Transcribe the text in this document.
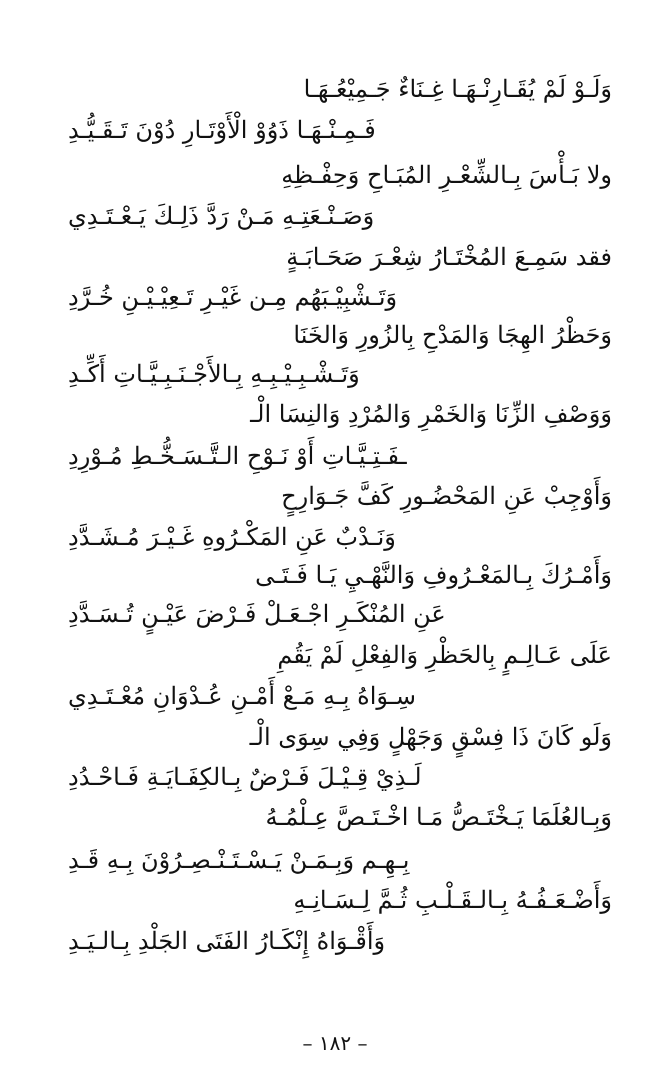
وَلَـوْ لَمْ يُقَـارِنْـهَـا غِـنَاءٌ جَـمِيْعُـهَـا
فَـمِـنْـهَـا ذَوُوْ الْأَوْتَـارِ دُوْنَ تَـقَـيُّـدِ
ولا بَـأْسَ بِـالشِّعْـرِ المُبَـاحِ وَحِفْـظِهِ
وَصَـنْـعَتِـهِ مَـنْ رَدَّ ذَلِـكَ يَـعْـتَـدِي
فقد سَمِـعَ المُخْتَـارُ شِعْـرَ صَحَـابَـةٍ
وَتَـشْبِيْـبَهُم مِـن غَيْـرِ تَـعِيْـيْـنِ خُـرَّدِ
وَحَظْرُ الهِجَا وَالمَدْحِ بِالزُورِ وَالخَنَا
وَتَـشْـبِـيْـبِـهِ بِـالأَجْـنَـبِـيَّـاتِ أَكِّـدِ
وَوَصْفِ الزِّنَا وَالخَمْرِ وَالمُرْدِ وَالنِسَا الْـ
ـفَـتِـيَّـاتِ أَوْ نَـوْحِ الـتَّـسَـخُّـطِ مُـوْرِدِ
وَأَوْجِبْ عَنِ المَحْضُـورِ كَفَّ جَـوَارِحٍ
وَنَـدْبٌ عَنِ المَكْـرُوهِ غَـيْـرَ مُـشَـدَّدِ
وَأَمْـرُكَ بِـالمَعْـرُوفِ وَالنَّهْـيِ يَـا فَـتَـى
عَنِ المُنْكَـرِ اجْـعَـلْ فَـرْضَ عَيْـنٍ تُـسَـدَّدِ
عَلَى عَـالِـمٍ بِالحَظْرِ وَالفِعْلِ لَمْ يَقُمِ
سِـوَاهُ بِـهِ مَـعْ أَمْـنِ عُـدْوَانِ مُعْـتَـدِي
وَلَو كَانَ ذَا فِسْقٍ وَجَهْلٍ وَفِي سِوَى الْـ
لَـذِيْ قِـيْـلَ فَـرْضٌ بِـالكِفَـايَـةِ فَـاحْـدُدِ
وَبِـالعُلَمَا يَـخْتَـصُّ مَـا اخْـتَـصَّ عِـلْمُـهُ
بِـهِـم وَبِـمَـنْ يَـسْـتَـنْـصِـرُوْنَ بِـهِ قَـدِ
وَأَضْـعَـفُـهُ بِـالـقَـلْـبِ ثُـمَّ لِـسَـانِـهِ
وَأَقْـوَاهُ إِنْكَـارُ الفَتَى الجَلْدِ بِـالـيَـدِ
– ١٨٢ –
